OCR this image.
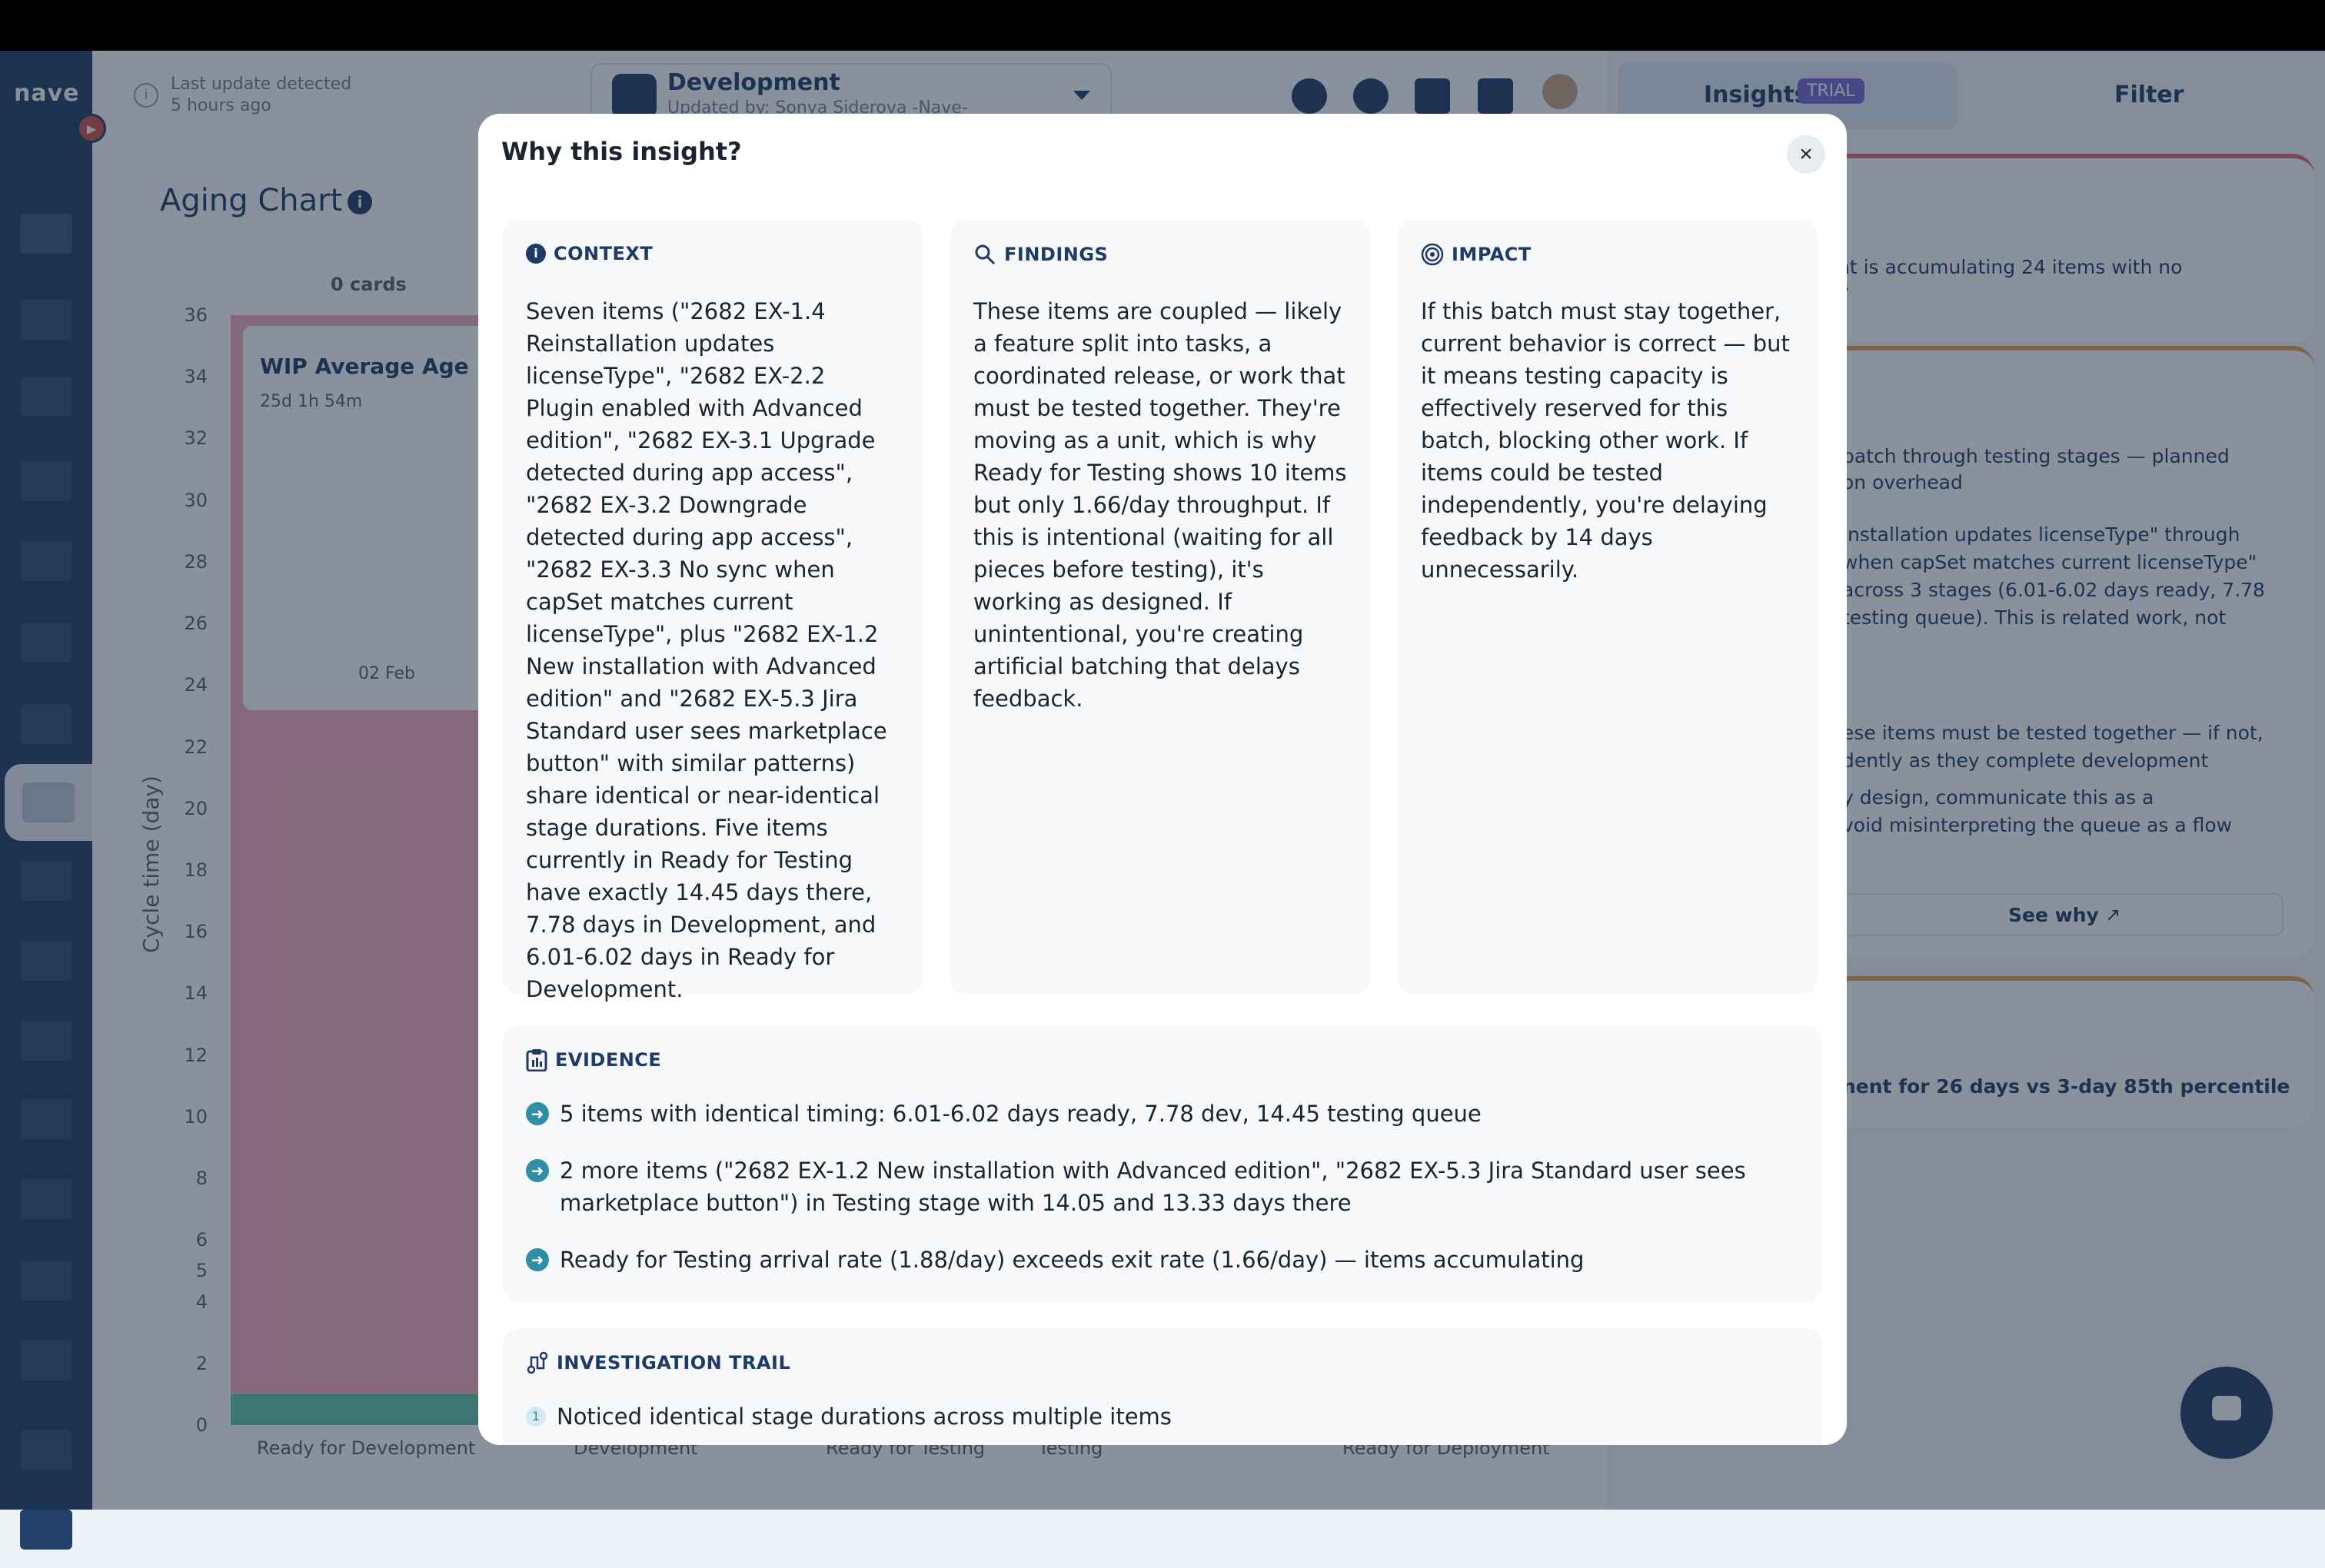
Why this insight?	×
i CONTEXT
Seven items ("2682 EX-1.4 Reinstallation updates licenseType", "2682 EX-2.2 Plugin enabled with Advanced edition", "2682 EX-3.1 Upgrade detected during app access", "2682 EX-3.2 Downgrade detected during app access", "2682 EX-3.3 No sync when capSet matches current licenseType", plus "2682 EX-1.2 New installation with Advanced edition" and "2682 EX-5.3 Jira Standard user sees marketplace button" with similar patterns) share identical or near-identical stage durations. Five items currently in Ready for Testing have exactly 14.45 days there, 7.78 days in Development, and 6.01-6.02 days in Ready for Development.
FINDINGS
These items are coupled — likely a feature split into tasks, a coordinated release, or work that must be tested together. They're moving as a unit, which is why Ready for Testing shows 10 items but only 1.66/day throughput. If this is intentional (waiting for all pieces before testing), it's working as designed. If unintentional, you're creating artificial batching that delays feedback.
IMPACT
If this batch must stay together, current behavior is correct — but it means testing capacity is effectively reserved for this batch, blocking other work. If items could be tested independently, you're delaying feedback by 14 days unnecessarily.
EVIDENCE
➜ 5 items with identical timing: 6.01-6.02 days ready, 7.78 dev, 14.45 testing queue
➜ 2 more items ("2682 EX-1.2 New installation with Advanced edition", "2682 EX-5.3 Jira Standard user sees marketplace button") in Testing stage with 14.05 and 13.33 days there
➜ Ready for Testing arrival rate (1.88/day) exceeds exit rate (1.66/day) — items accumulating
INVESTIGATION TRAIL
1 Noticed identical stage durations across multiple items
